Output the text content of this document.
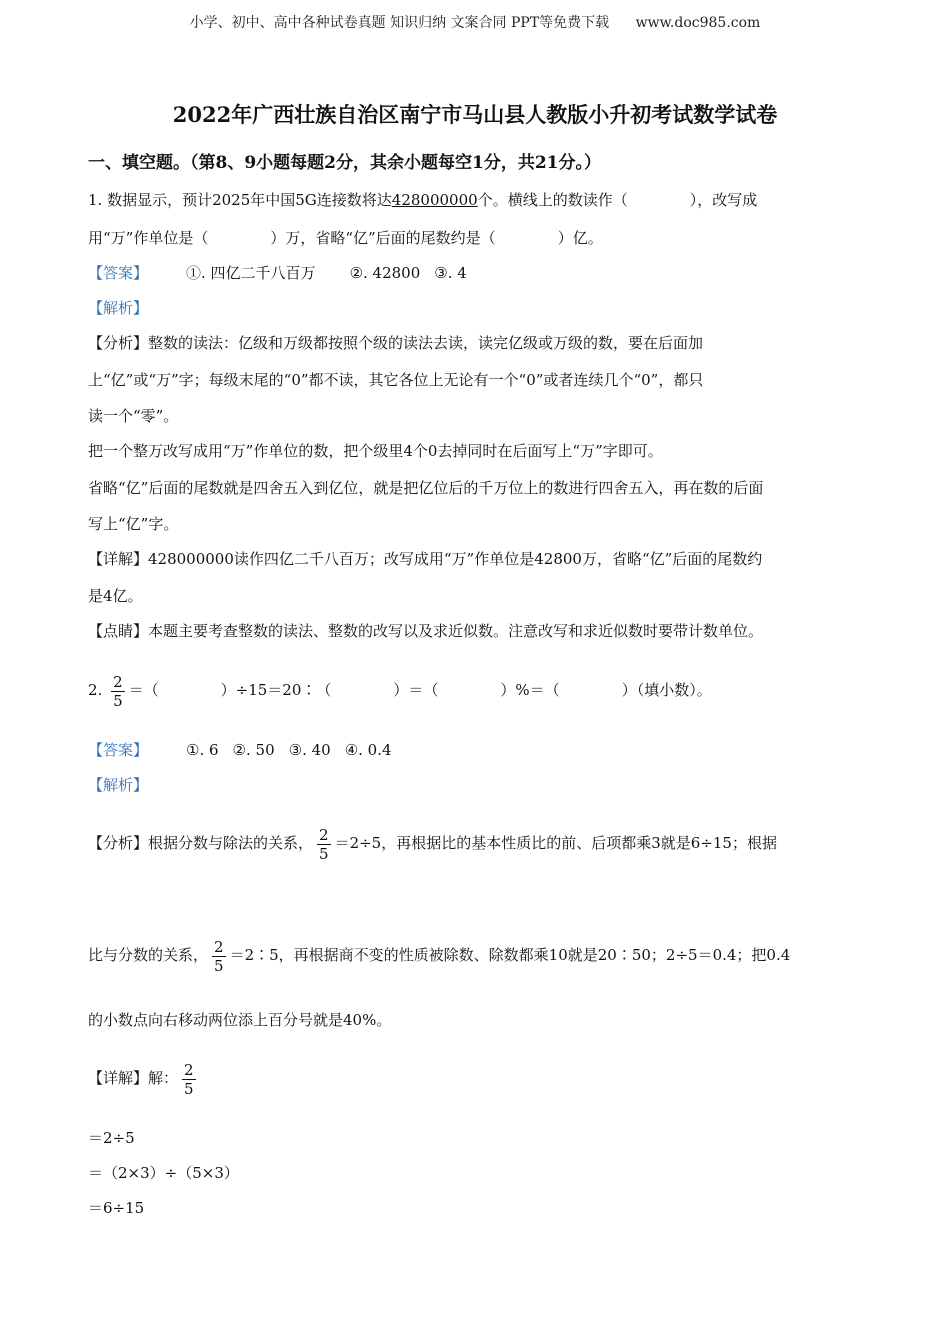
小学、初中、高中各种试卷真题 知识归纳 文案合同 PPT等免费下载 www.doc985.com
2022年广西壮族自治区南宁市马山县人教版小升初考试数学试卷
一、填空题。（第8、9小题每题2分，其余小题每空1分，共21分。）
1. 数据显示，预计2025年中国5G连接数将达428000000个。横线上的数读作（	），改写成
用“万”作单位是（	）万，省略“亿”后面的尾数约是（	）亿。
【答案】	①. 四亿二千八百万 ②. 42800 ③. 4
【解析】
【分析】整数的读法：亿级和万级都按照个级的读法去读，读完亿级或万级的数，要在后面加
上“亿”或“万”字；每级末尾的“0”都不读，其它各位上无论有一个“0”或者连续几个“0”，都只
读一个“零”。
把一个整万改写成用“万”作单位的数，把个级里4个0去掉同时在后面写上“万”字即可。
省略“亿”后面的尾数就是四舍五入到亿位，就是把亿位后的千万位上的数进行四舍五入，再在数的后面
写上“亿”字。
【详解】428000000读作四亿二千八百万；改写成用“万”作单位是42800万，省略“亿”后面的尾数约
是4亿。
【点睛】本题主要考查整数的读法、整数的改写以及求近似数。注意改写和求近似数时要带计数单位。
2. $\frac{2}{5}$ ＝（	）÷15＝20∶（	）＝（	）%＝（	）（填小数）。
【答案】	①. 6 ②. 50 ③. 40 ④. 0.4
【解析】
【分析】根据分数与除法的关系， $\frac{2}{5} =2\div 5$，再根据比的基本性质比的前、后项都乘3就是6÷15；根据
比与分数的关系， $\frac{2}{5}$ ＝2∶5，再根据商不变的性质被除数、除数都乘10就是20∶50；2÷5＝0.4；把0.4
的小数点向右移动两位添上百分号就是40%。
【详解】解： $\frac{2}{5}$
＝2÷5
＝（2×3）÷（5×3）
＝6÷15
